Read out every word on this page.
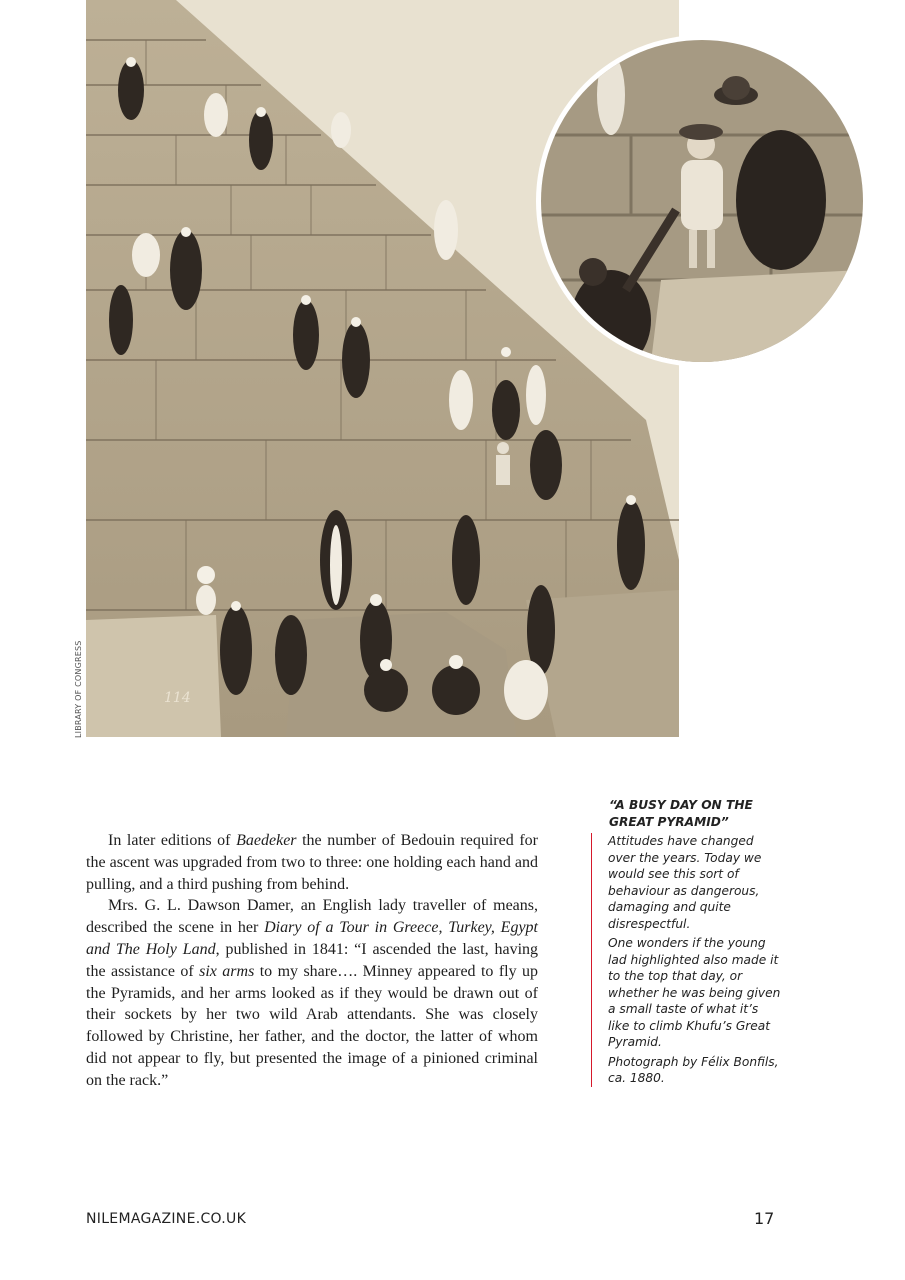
114
LIBRARY OF CONGRESS

In later editions of Baedeker the number of Bedouin required for the ascent was upgraded from two to three: one holding each hand and pulling, and a third pushing from behind.

Mrs. G. L. Dawson Damer, an English lady traveller of means, described the scene in her Diary of a Tour in Greece, Turkey, Egypt and The Holy Land, published in 1841: “I ascended the last, having the assistance of six arms to my share…. Minney appeared to fly up the Pyramids, and her arms looked as if they would be drawn out of their sockets by her two wild Arab attendants. She was closely followed by Christine, her father, and the doctor, the latter of whom did not appear to fly, but presented the image of a pinioned criminal on the rack.”

“A BUSY DAY ON THE GREAT PYRAMID”

Attitudes have changed over the years. Today we would see this sort of behaviour as dangerous, damaging and quite disrespectful.

One wonders if the young lad highlighted also made it to the top that day, or whether he was being given a small taste of what it’s like to climb Khufu’s Great Pyramid.

Photograph by Félix Bonfils, ca. 1880.

NILEMAGAZINE.CO.UK	17
